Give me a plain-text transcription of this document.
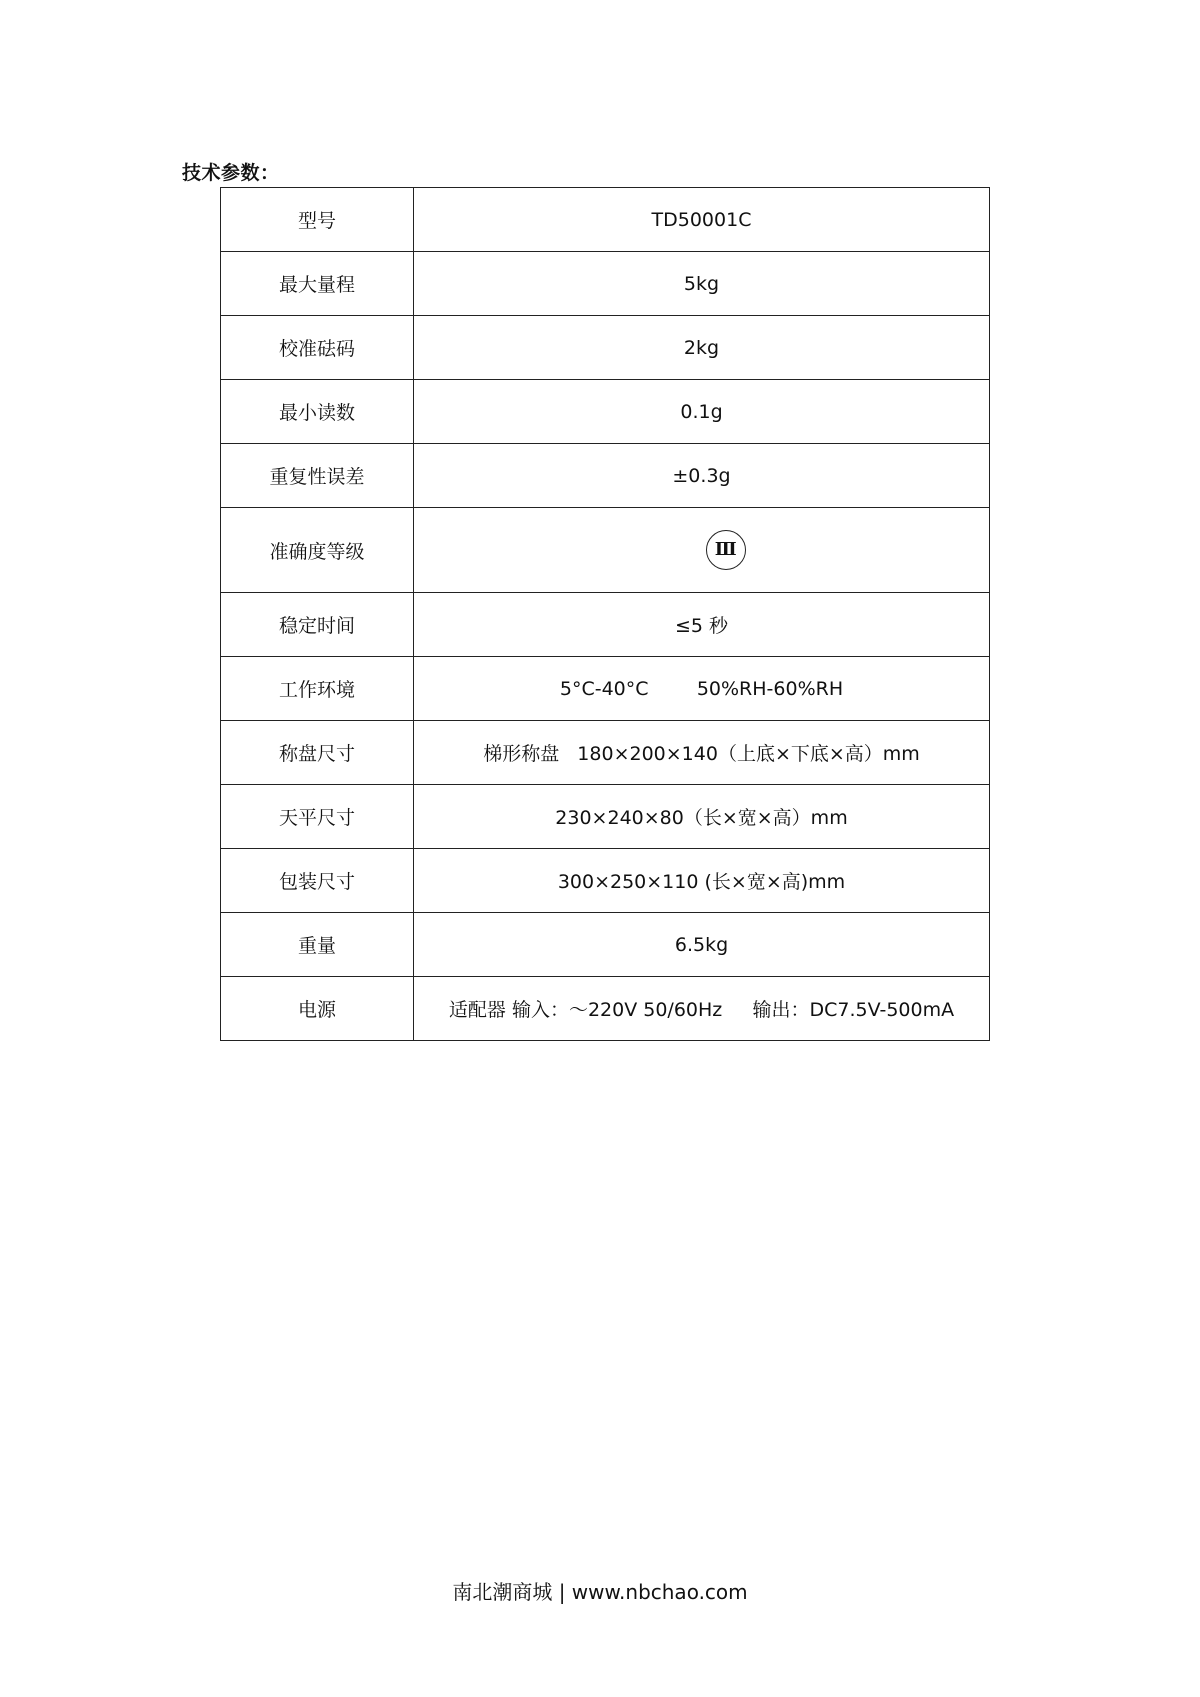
技术参数：
型号	TD50001C
最大量程	5kg
校准砝码	2kg
最小读数	0.1g
重复性误差	±0.3g
准确度等级	Ⅲ

稳定时间	≤5 秒
工作环境	5°C-40°C        50%RH-60%RH
称盘尺寸	梯形称盘   180×200×140（上底×下底×高）mm
天平尺寸	230×240×80（长×宽×高）mm
包装尺寸	300×250×110 (长×宽×高)mm
重量	6.5kg
电源	适配器 输入：～220V 50/60Hz     输出：DC7.5V-500mA
南北潮商城 | www.nbchao.com
